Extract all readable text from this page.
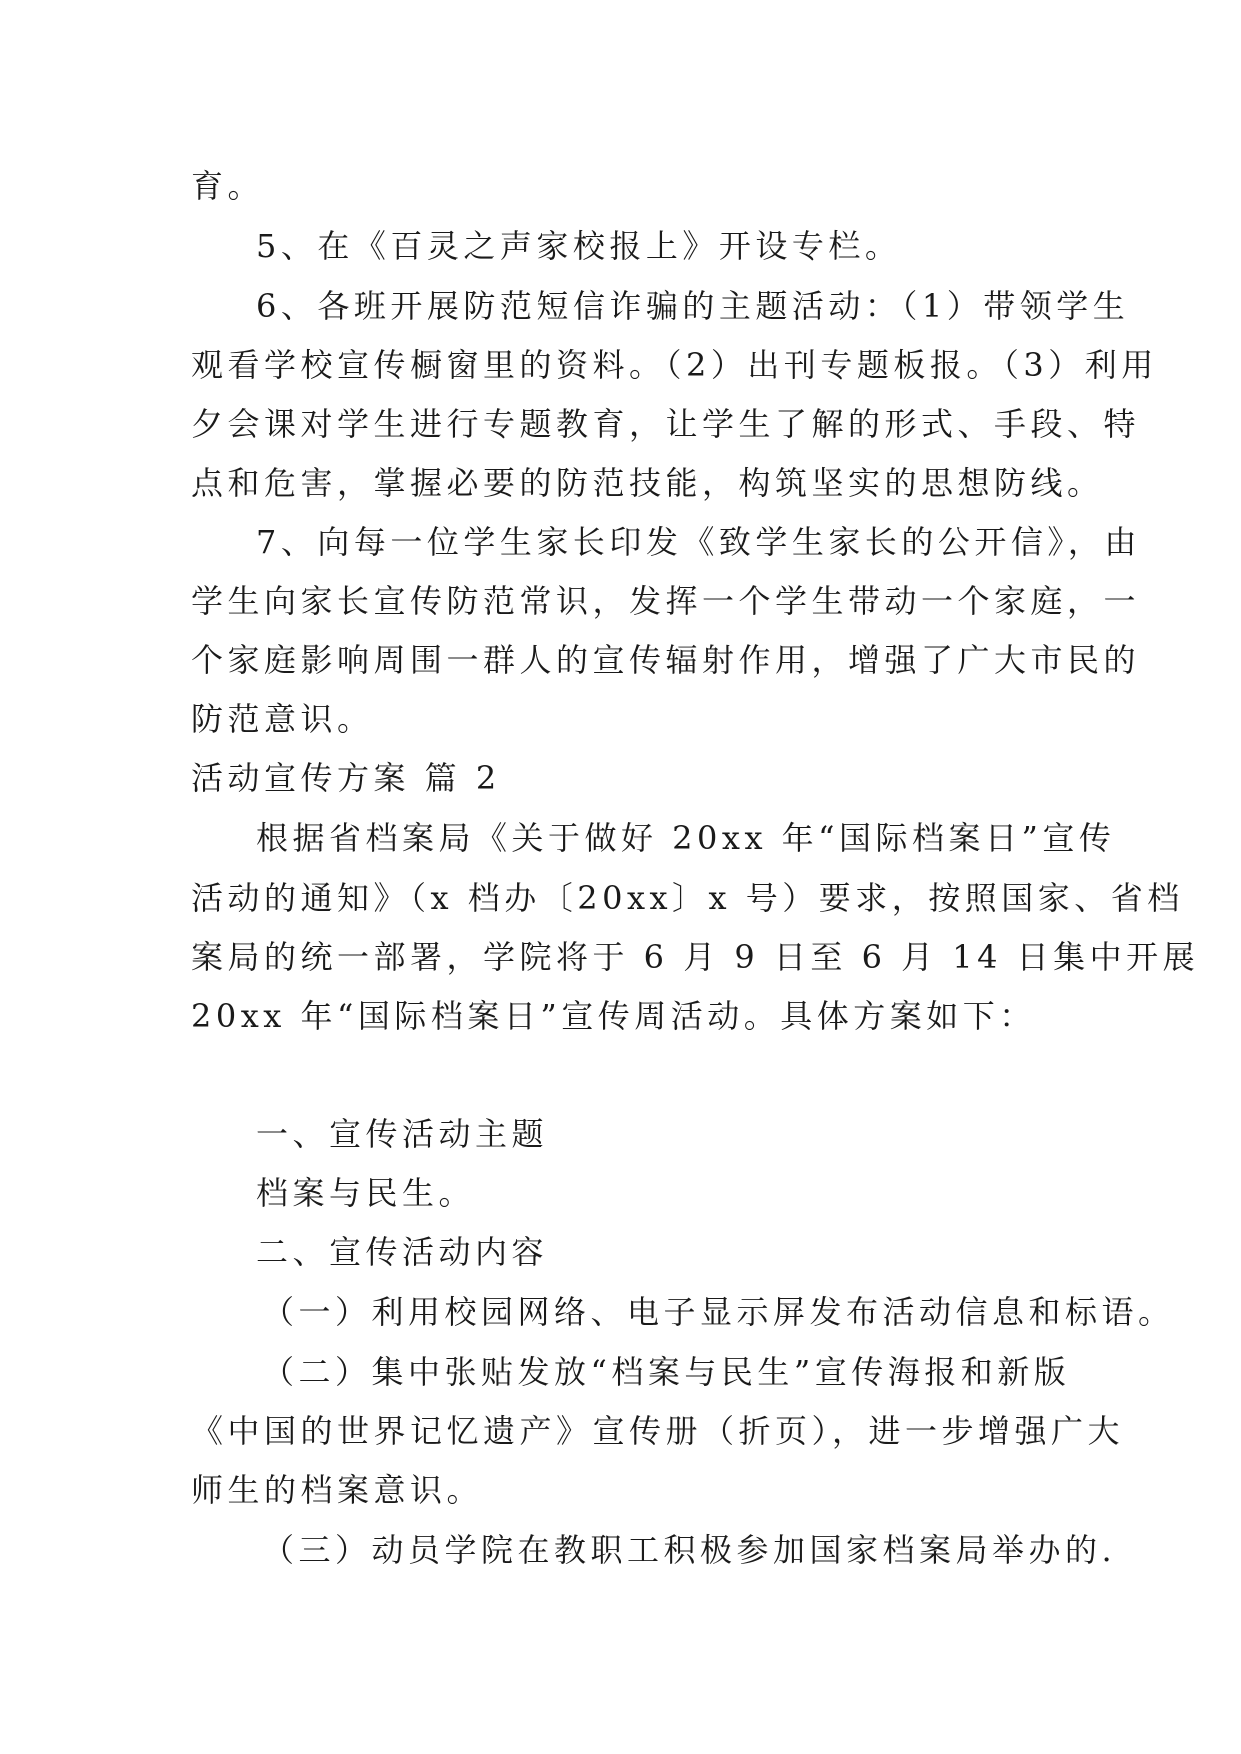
育。
5、在《百灵之声家校报上》开设专栏。
6、各班开展防范短信诈骗的主题活动：（1）带领学生
观看学校宣传橱窗里的资料。（2）出刊专题板报。（3）利用
夕会课对学生进行专题教育，让学生了解的形式、手段、特
点和危害，掌握必要的防范技能，构筑坚实的思想防线。
7、向每一位学生家长印发《致学生家长的公开信》，由
学生向家长宣传防范常识，发挥一个学生带动一个家庭，一
个家庭影响周围一群人的宣传辐射作用，增强了广大市民的
防范意识。
活动宣传方案 篇 2
根据省档案局《关于做好 20xx 年“国际档案日”宣传
活动的通知》（x 档办〔20xx〕x 号）要求，按照国家、省档
案局的统一部署，学院将于 6 月 9 日至 6 月 14 日集中开展
20xx 年“国际档案日”宣传周活动。具体方案如下：
一、宣传活动主题
档案与民生。
二、宣传活动内容
（一）利用校园网络、电子显示屏发布活动信息和标语。
（二）集中张贴发放“档案与民生”宣传海报和新版
《中国的世界记忆遗产》宣传册（折页），进一步增强广大
师生的档案意识。
（三）动员学院在教职工积极参加国家档案局举办的.
